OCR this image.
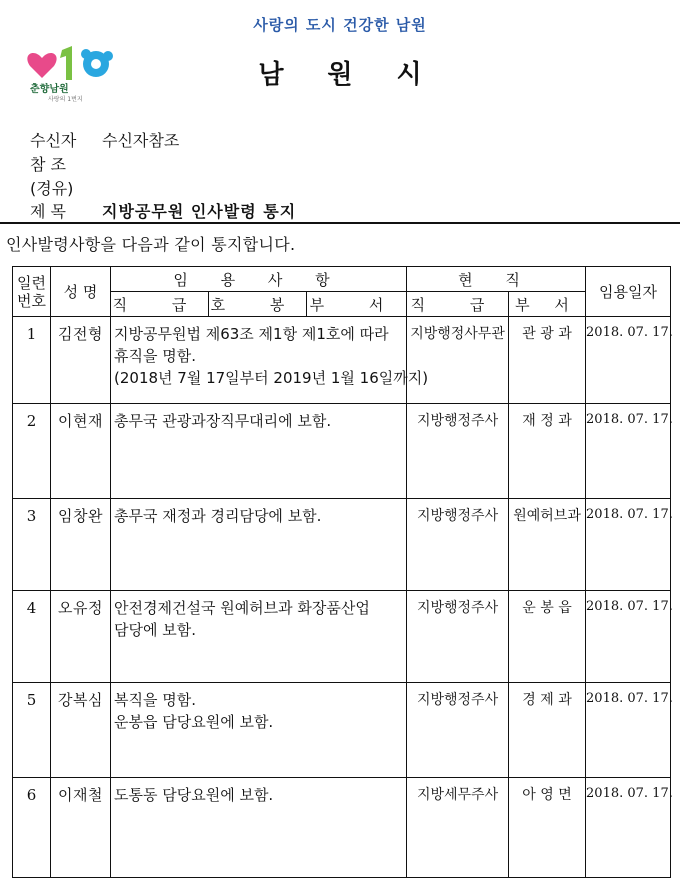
사랑의 도시 건강한 남원
춘향남원
사랑의 1번지
남원시
수신자 수신자참조
참 조
(경유)
제 목 지방공무원 인사발령 통지
인사발령사항을 다음과 같이 통지합니다.
일련번호	성 명	임 용 사 항			현 직		임용일자
		직 급	호 봉	부 서	직 급	부 서	
1	김전형	지방공무원법 제63조 제1항 제1호에 따라
휴직을 명함.
(2018년 7월 17일부터 2019년 1월 16일까지)			지방행정사무관	관 광 과	2018. 07. 17.
2	이현재	총무국 관광과장직무대리에 보함.			지방행정주사	재 정 과	2018. 07. 17.
3	임창완	총무국 재정과 경리담당에 보함.			지방행정주사	원예허브과	2018. 07. 17.
4	오유정	안전경제건설국 원예허브과 화장품산업
담당에 보함.			지방행정주사	운 봉 읍	2018. 07. 17.
5	강복심	복직을 명함.
운봉읍 담당요원에 보함.			지방행정주사	경 제 과	2018. 07. 17.
6	이재철	도통동 담당요원에 보함.			지방세무주사	아 영 면	2018. 07. 17.
